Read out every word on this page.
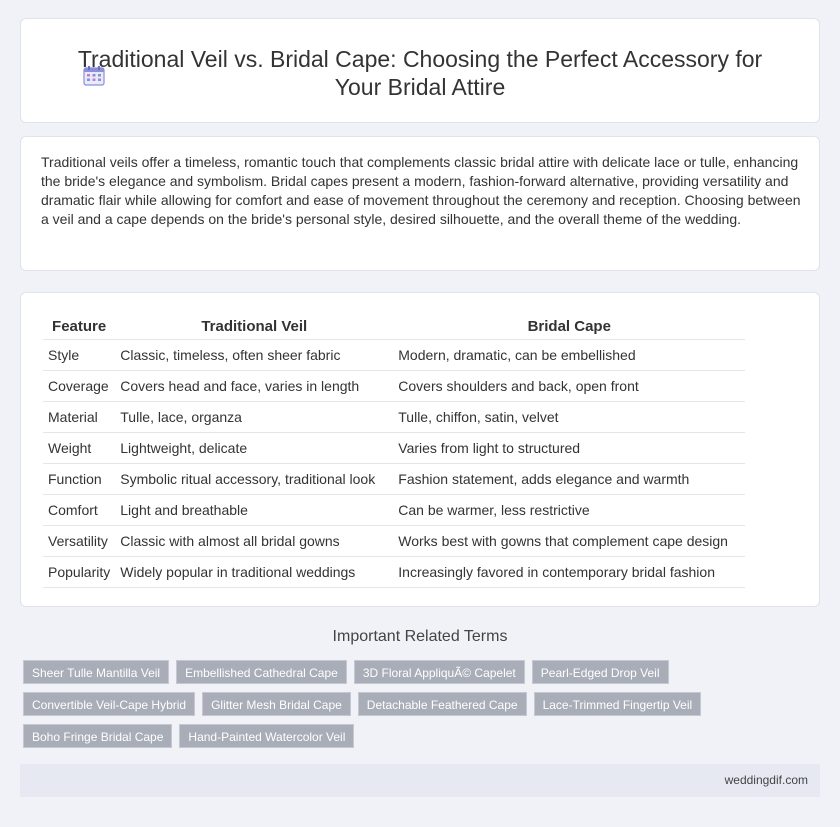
Traditional Veil vs. Bridal Cape: Choosing the Perfect Accessory for Your Bridal Attire

Traditional veils offer a timeless, romantic touch that complements classic bridal attire with delicate lace or tulle, enhancing the bride's elegance and symbolism. Bridal capes present a modern, fashion-forward alternative, providing versatility and dramatic flair while allowing for comfort and ease of movement throughout the ceremony and reception. Choosing between a veil and a cape depends on the bride's personal style, desired silhouette, and the overall theme of the wedding.

Feature	Traditional Veil	Bridal Cape
Style	Classic, timeless, often sheer fabric	Modern, dramatic, can be embellished
Coverage	Covers head and face, varies in length	Covers shoulders and back, open front
Material	Tulle, lace, organza	Tulle, chiffon, satin, velvet
Weight	Lightweight, delicate	Varies from light to structured
Function	Symbolic ritual accessory, traditional look	Fashion statement, adds elegance and warmth
Comfort	Light and breathable	Can be warmer, less restrictive
Versatility	Classic with almost all bridal gowns	Works best with gowns that complement cape design
Popularity	Widely popular in traditional weddings	Increasingly favored in contemporary bridal fashion
Important Related Terms
Sheer Tulle Mantilla Veil	Embellished Cathedral Cape	3D Floral AppliquÃ© Capelet	Pearl-Edged Drop Veil
Convertible Veil-Cape Hybrid	Glitter Mesh Bridal Cape	Detachable Feathered Cape	Lace-Trimmed Fingertip Veil
Boho Fringe Bridal Cape	Hand-Painted Watercolor Veil
weddingdif.com
